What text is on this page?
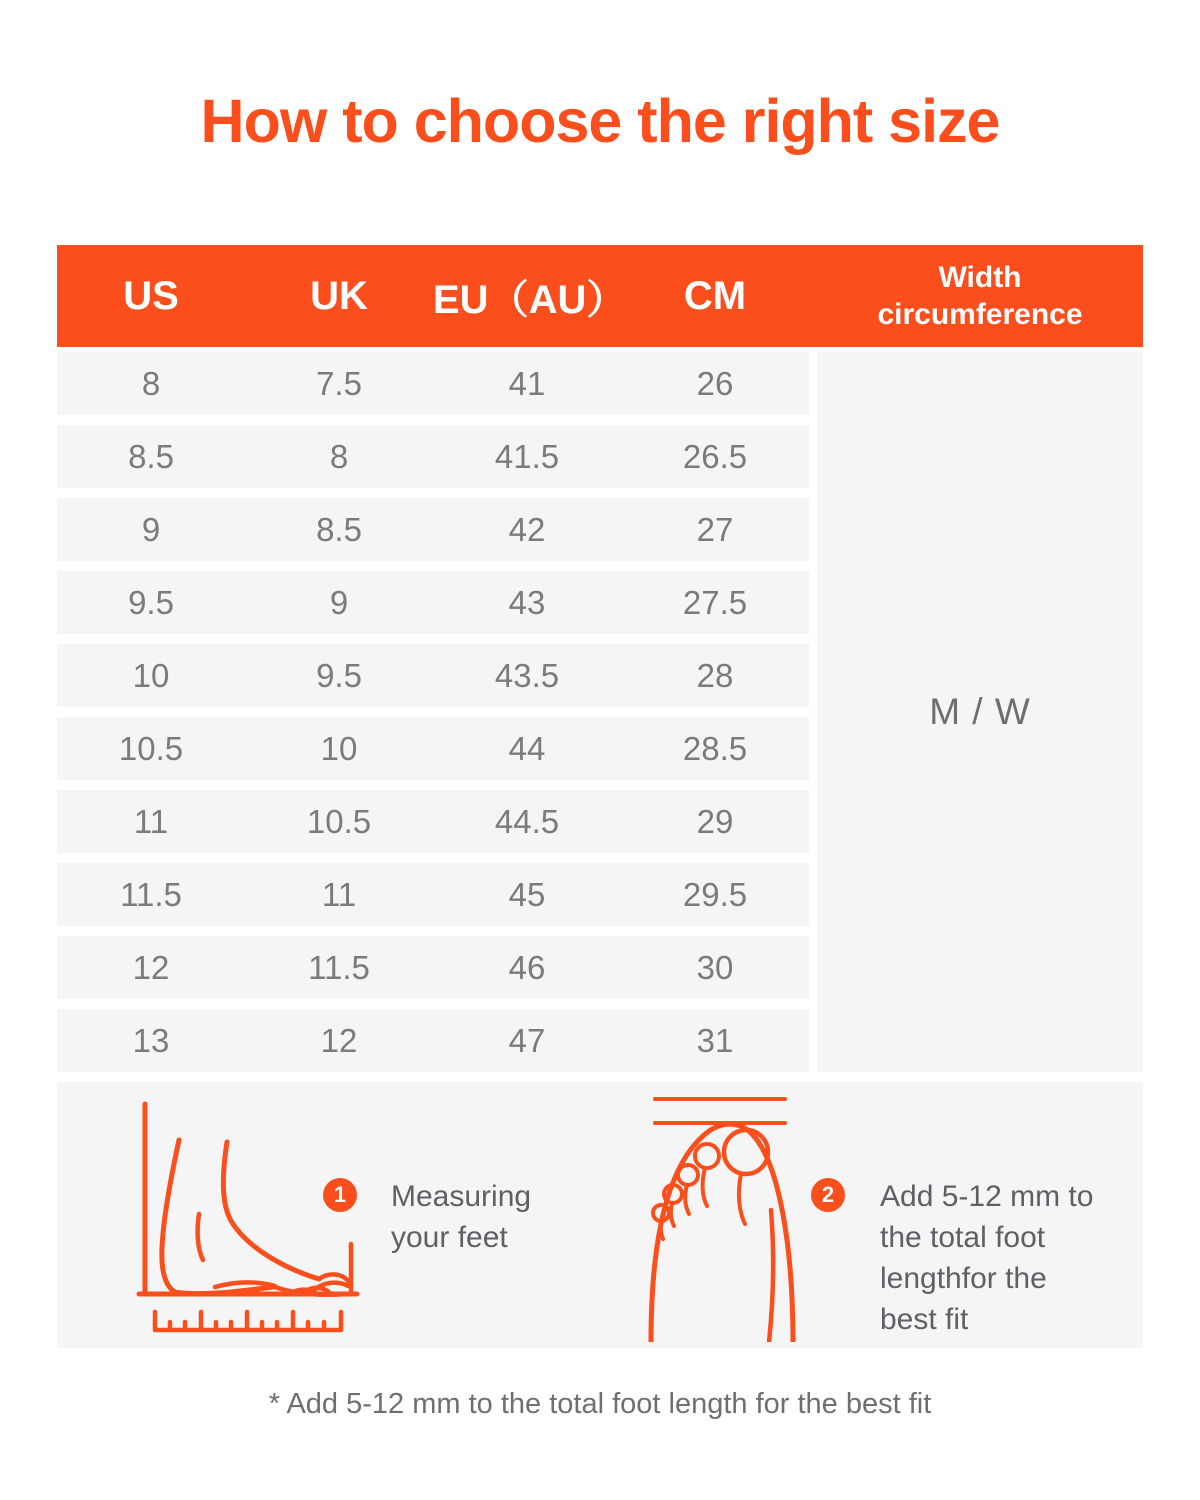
How to choose the right size
US	UK	EU（AU）	CM	Width circumference
8	7.5	41	26
8.5	8	41.5	26.5
9	8.5	42	27
9.5	9	43	27.5
10	9.5	43.5	28
10.5	10	44	28.5
11	10.5	44.5	29
11.5	11	45	29.5
12	11.5	46	30
13	12	47	31
M / W
1 Measuring
your feet
2 Add 5-12 mm to
the total foot
lengthfor the
best fit
* Add 5-12 mm to the total foot length for the best fit
